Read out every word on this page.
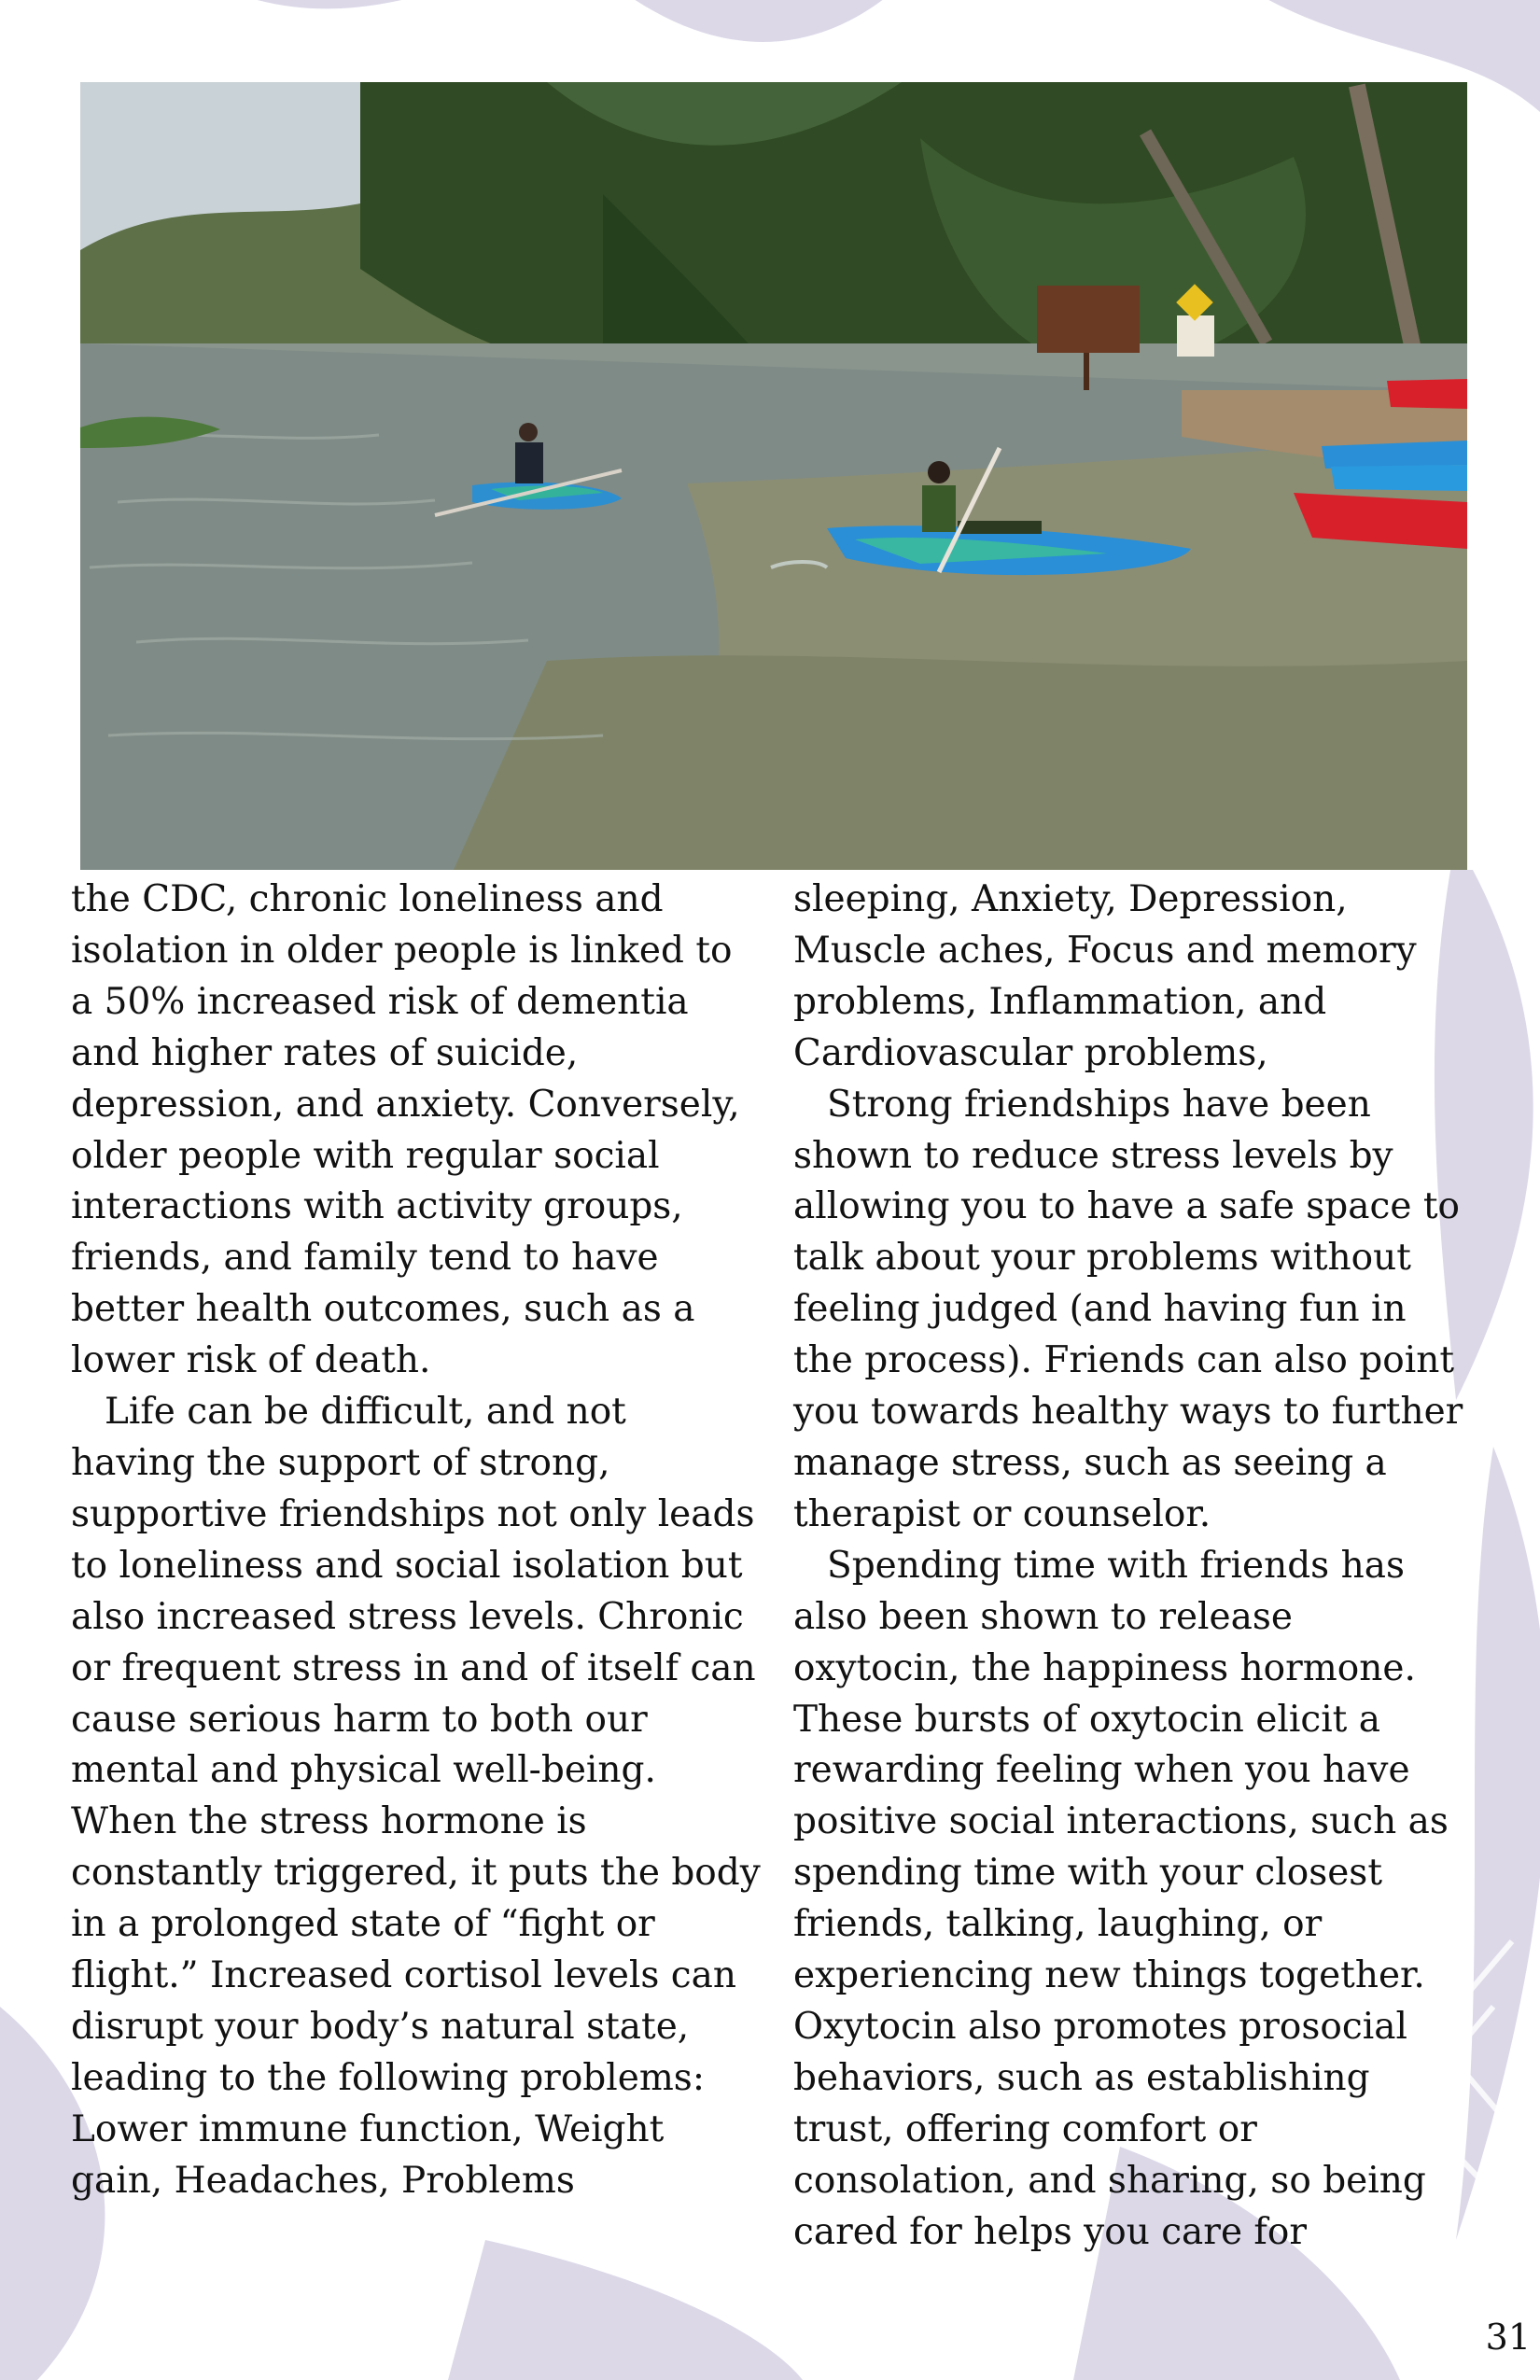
the CDC, chronic loneliness and isolation in older people is linked to a 50% increased risk of dementia and higher rates of suicide, depression, and anxiety. Conversely, older people with regular social interactions with activity groups, friends, and family tend to have better health outcomes, such as a lower risk of death.

Life can be difficult, and not having the support of strong, supportive friendships not only leads to loneliness and social isolation but also increased stress levels. Chronic or frequent stress in and of itself can cause serious harm to both our mental and physical well-being. When the stress hormone is constantly triggered, it puts the body in a prolonged state of “fight or flight.” Increased cortisol levels can disrupt your body’s natural state, leading to the following problems: Lower immune function, Weight gain, Headaches, Problems

sleeping, Anxiety, Depression, Muscle aches, Focus and memory problems, Inflammation, and Cardiovascular problems,

Strong friendships have been shown to reduce stress levels by allowing you to have a safe space to talk about your problems without feeling judged (and having fun in the process). Friends can also point you towards healthy ways to further manage stress, such as seeing a therapist or counselor.

Spending time with friends has also been shown to release oxytocin, the happiness hormone. These bursts of oxytocin elicit a rewarding feeling when you have positive social interactions, such as spending time with your closest friends, talking, laughing, or experiencing new things together. Oxytocin also promotes prosocial behaviors, such as establishing trust, offering comfort or consolation, and sharing, so being cared for helps you care for

31
